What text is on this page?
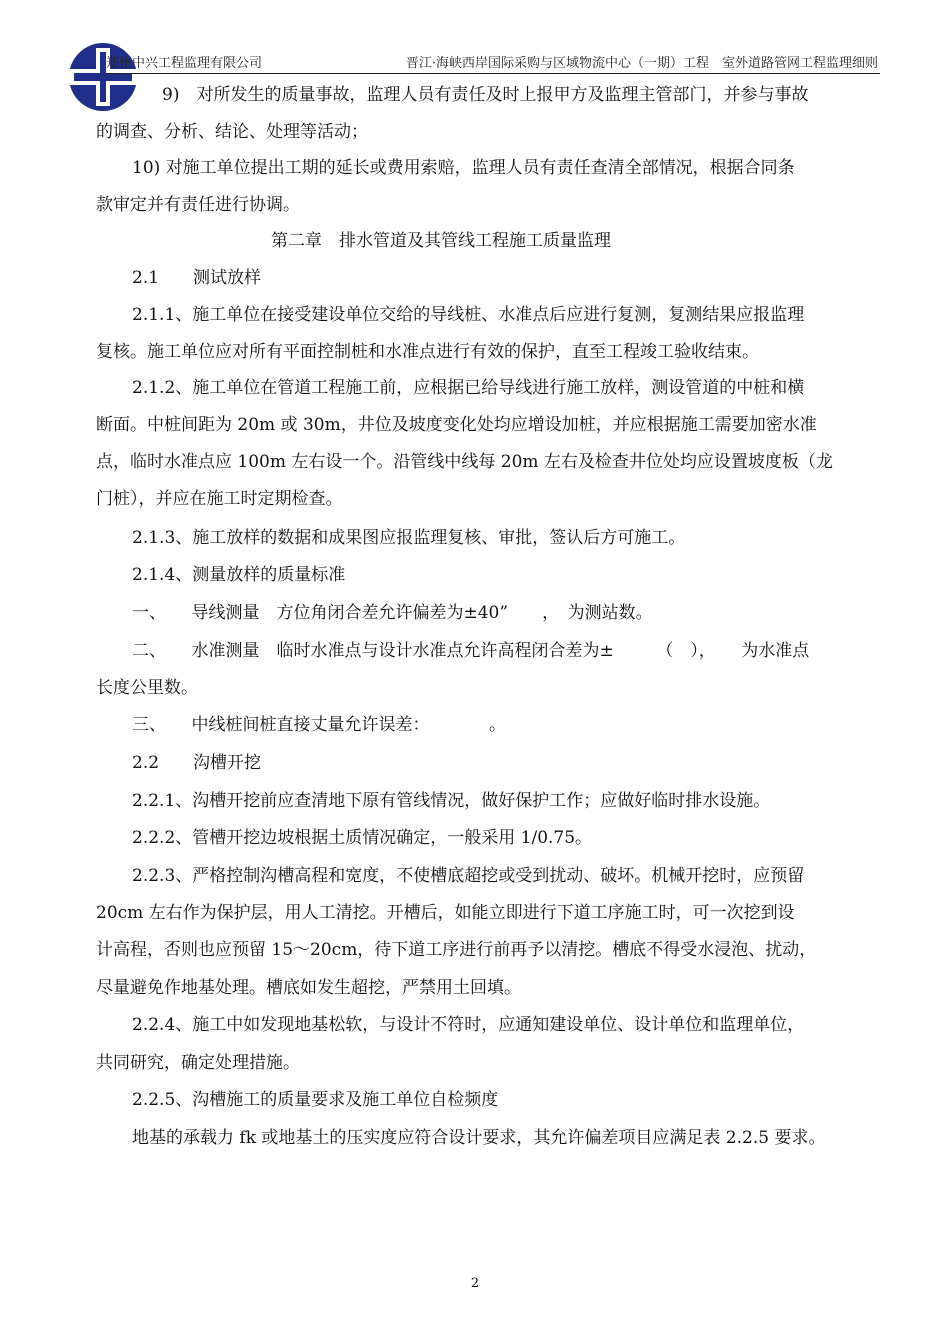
郑州中兴工程监理有限公司	晋江·海峡西岸国际采购与区域物流中心（一期）工程　室外道路管网工程监理细则
9)　对所发生的质量事故，监理人员有责任及时上报甲方及监理主管部门，并参与事故
的调查、分析、结论、处理等活动；
10) 对施工单位提出工期的延长或费用索赔，监理人员有责任查清全部情况，根据合同条
款审定并有责任进行协调。
第二章　排水管道及其管线工程施工质量监理
2.1　　测试放样
2.1.1、施工单位在接受建设单位交给的导线桩、水准点后应进行复测，复测结果应报监理
复核。施工单位应对所有平面控制桩和水准点进行有效的保护，直至工程竣工验收结束。
2.1.2、施工单位在管道工程施工前，应根据已给导线进行施工放样，测设管道的中桩和横
断面。中桩间距为 20m 或 30m，井位及坡度变化处均应增设加桩，并应根据施工需要加密水准
点，临时水准点应 100m 左右设一个。沿管线中线每 20m 左右及检查井位处均应设置坡度板（龙
门桩），并应在施工时定期检查。
2.1.3、施工放样的数据和成果图应报监理复核、审批，签认后方可施工。
2.1.4、测量放样的质量标准
一、　　导线测量　方位角闭合差允许偏差为±40”　　，　为测站数。
二、　　水准测量　临时水准点与设计水准点允许高程闭合差为±　　　（　），　　为水准点
长度公里数。
三、　　中线桩间桩直接丈量允许误差：　　　　。
2.2　　沟槽开挖
2.2.1、沟槽开挖前应查清地下原有管线情况，做好保护工作；应做好临时排水设施。
2.2.2、管槽开挖边坡根据土质情况确定，一般采用 1/0.75。
2.2.3、严格控制沟槽高程和宽度，不使槽底超挖或受到扰动、破坏。机械开挖时，应预留
20cm 左右作为保护层，用人工清挖。开槽后，如能立即进行下道工序施工时，可一次挖到设
计高程，否则也应预留 15～20cm，待下道工序进行前再予以清挖。槽底不得受水浸泡、扰动，
尽量避免作地基处理。槽底如发生超挖，严禁用土回填。
2.2.4、施工中如发现地基松软，与设计不符时，应通知建设单位、设计单位和监理单位，
共同研究，确定处理措施。
2.2.5、沟槽施工的质量要求及施工单位自检频度
地基的承载力 fk 或地基土的压实度应符合设计要求，其允许偏差项目应满足表 2.2.5 要求。
2
